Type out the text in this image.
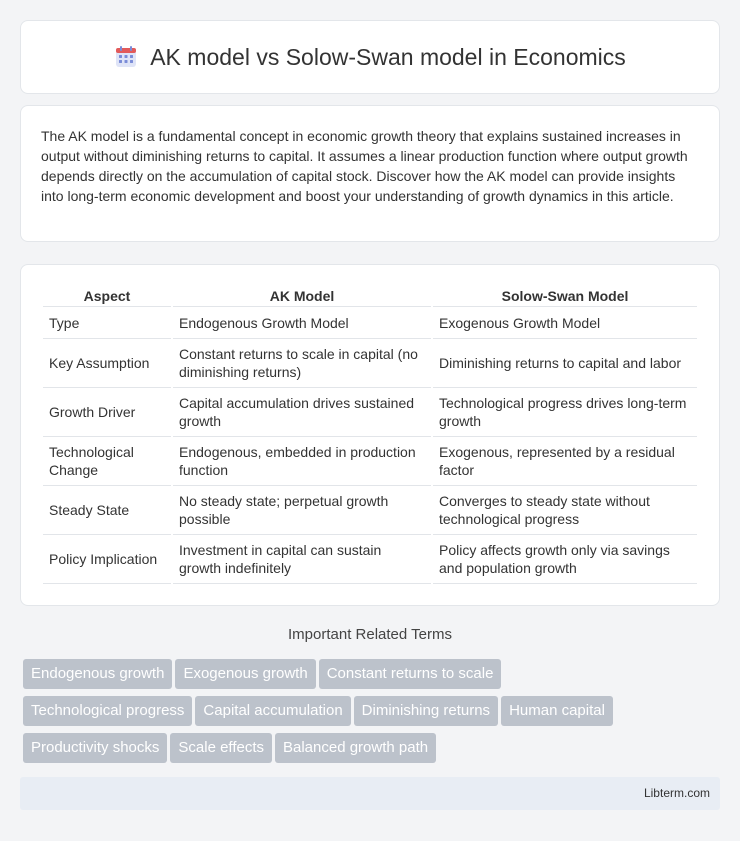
AK model vs Solow-Swan model in Economics

The AK model is a fundamental concept in economic growth theory that explains sustained increases in output without diminishing returns to capital. It assumes a linear production function where output growth depends directly on the accumulation of capital stock. Discover how the AK model can provide insights into long-term economic development and boost your understanding of growth dynamics in this article.

Aspect	AK Model	Solow-Swan Model
Type	Endogenous Growth Model	Exogenous Growth Model
Key Assumption	Constant returns to scale in capital (no diminishing returns)	Diminishing returns to capital and labor
Growth Driver	Capital accumulation drives sustained growth	Technological progress drives long-term growth
Technological Change	Endogenous, embedded in production function	Exogenous, represented by a residual factor
Steady State	No steady state; perpetual growth possible	Converges to steady state without technological progress
Policy Implication	Investment in capital can sustain growth indefinitely	Policy affects growth only via savings and population growth
Important Related Terms
Endogenous growth Exogenous growth Constant returns to scale
Technological progress Capital accumulation Diminishing returns Human capital
Productivity shocks Scale effects Balanced growth path
Libterm.com
